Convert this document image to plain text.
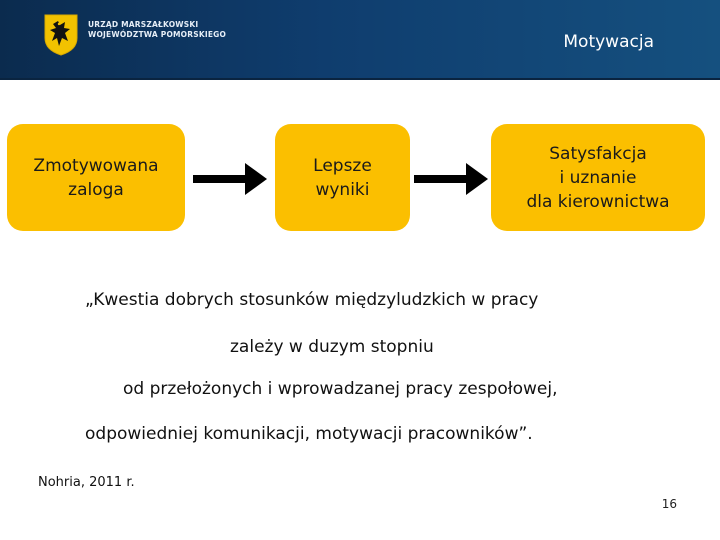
URZĄD MARSZAŁKOWSKI
WOJEWÓDZTWA POMORSKIEGO	Motywacja
Zmotywowana
zaloga
Lepsze
wyniki
Satysfakcja
i uznanie
dla kierownictwa
„Kwestia dobrych stosunków międzyludzkich w pracy
zależy w duzym stopniu
od przełożonych i wprowadzanej pracy zespołowej,
odpowiedniej komunikacji, motywacji pracowników”.
Nohria, 2011 r.
16
